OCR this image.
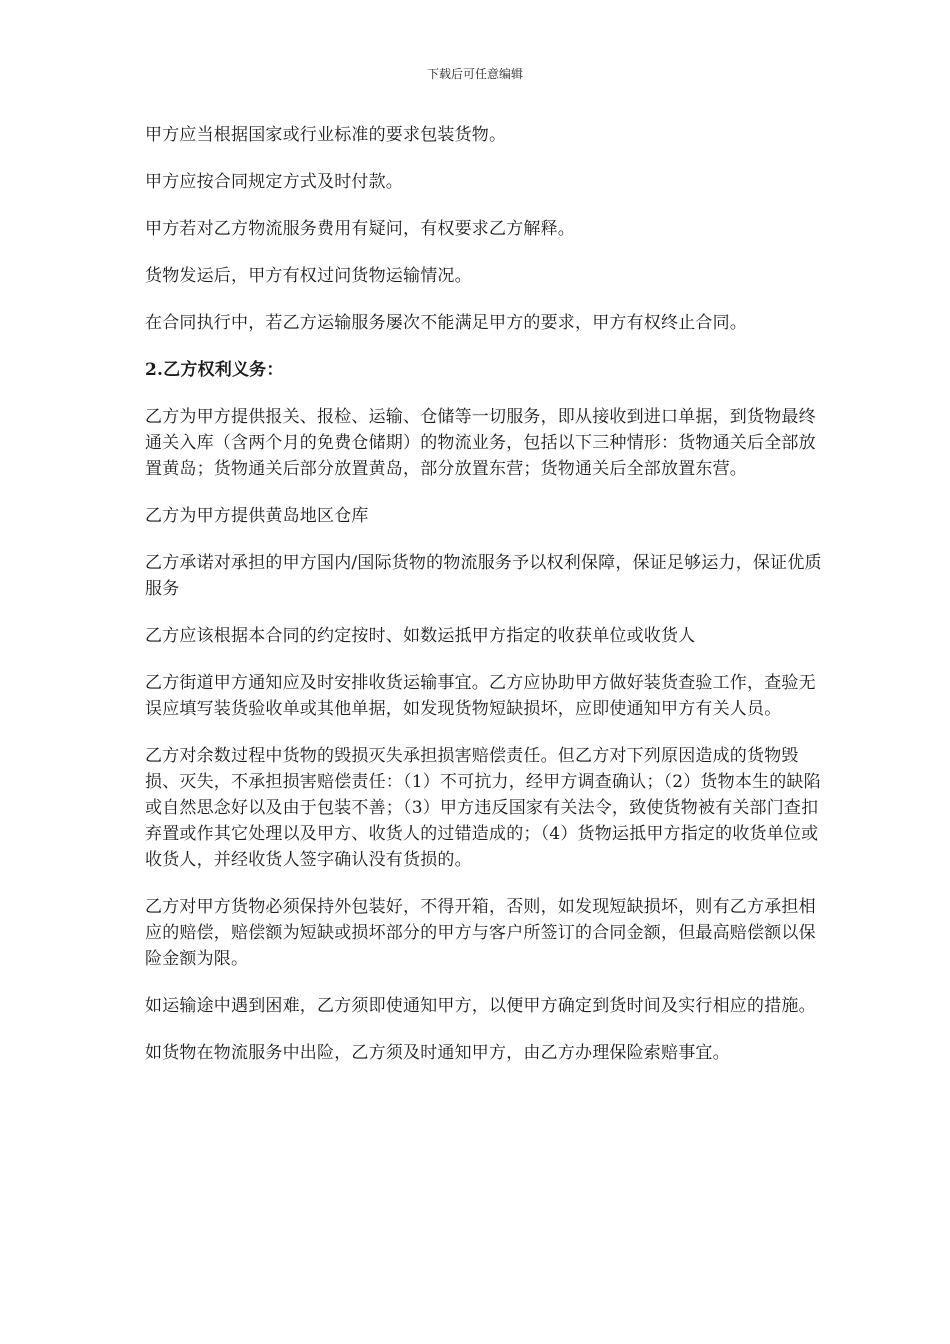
下载后可任意编辑

甲方应当根据国家或行业标准的要求包装货物。

甲方应按合同规定方式及时付款。

甲方若对乙方物流服务费用有疑问，有权要求乙方解释。

货物发运后，甲方有权过问货物运输情况。

在合同执行中，若乙方运输服务屡次不能满足甲方的要求，甲方有权终止合同。

2.乙方权利义务：

乙方为甲方提供报关、报检、运输、仓储等一切服务，即从接收到进口单据，到货物最终通关入库（含两个月的免费仓储期）的物流业务，包括以下三种情形：货物通关后全部放置黄岛；货物通关后部分放置黄岛，部分放置东营；货物通关后全部放置东营。

乙方为甲方提供黄岛地区仓库

乙方承诺对承担的甲方国内/国际货物的物流服务予以权利保障，保证足够运力，保证优质服务

乙方应该根据本合同的约定按时、如数运抵甲方指定的收获单位或收货人

乙方街道甲方通知应及时安排收货运输事宜。乙方应协助甲方做好装货查验工作，查验无误应填写装货验收单或其他单据，如发现货物短缺损坏，应即使通知甲方有关人员。

乙方对余数过程中货物的毁损灭失承担损害赔偿责任。但乙方对下列原因造成的货物毁损、灭失，不承担损害赔偿责任：（1）不可抗力，经甲方调查确认；（2）货物本生的缺陷或自然思念好以及由于包装不善；（3）甲方违反国家有关法令，致使货物被有关部门查扣弃置或作其它处理以及甲方、收货人的过错造成的；（4）货物运抵甲方指定的收货单位或收货人，并经收货人签字确认没有货损的。

乙方对甲方货物必须保持外包装好，不得开箱，否则，如发现短缺损坏，则有乙方承担相应的赔偿，赔偿额为短缺或损坏部分的甲方与客户所签订的合同金额，但最高赔偿额以保险金额为限。

如运输途中遇到困难，乙方须即使通知甲方，以便甲方确定到货时间及实行相应的措施。

如货物在物流服务中出险，乙方须及时通知甲方，由乙方办理保险索赔事宜。
